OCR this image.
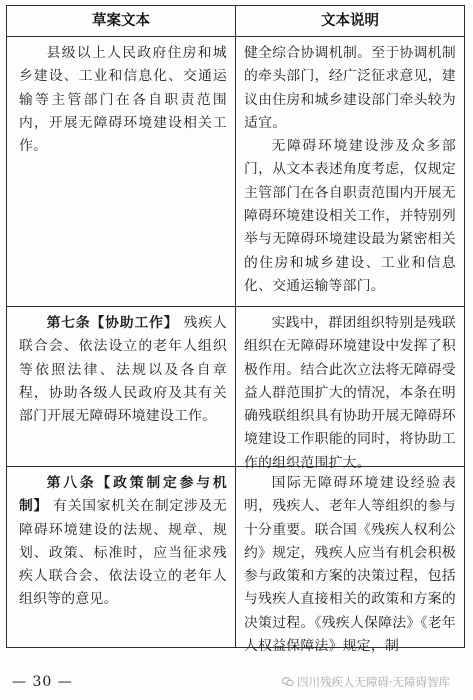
草案文本	文本说明
县级以上人民政府住房和城乡建设、工业和信息化、交通运输等主管部门在各自职责范围内，开展无障碍环境建设相关工作。

健全综合协调机制。至于协调机制的牵头部门，经广泛征求意见，建议由住房和城乡建设部门牵头较为适宜。

无障碍环境建设涉及众多部门，从文本表述角度考虑，仅规定主管部门在各自职责范围内开展无障碍环境建设相关工作，并特别列举与无障碍环境建设最为紧密相关的住房和城乡建设、工业和信息化、交通运输等部门。

第七条【协助工作】 残疾人联合会、依法设立的老年人组织等依照法律、法规以及各自章程，协助各级人民政府及其有关部门开展无障碍环境建设工作。
实践中，群团组织特别是残联组织在无障碍环境建设中发挥了积极作用。结合此次立法将无障碍受益人群范围扩大的情况，本条在明确残联组织具有协助开展无障碍环境建设工作职能的同时，将协助工作的组织范围扩大。
第八条【政策制定参与机制】 有关国家机关在制定涉及无障碍环境建设的法规、规章、规划、政策、标准时，应当征求残疾人联合会、依法设立的老年人组织等的意见。
国际无障碍环境建设经验表明，残疾人、老年人等组织的参与十分重要。联合国《残疾人权利公约》规定，残疾人应当有机会积极参与政策和方案的决策过程，包括与残疾人直接相关的政策和方案的决策过程。《残疾人保障法》《老年人权益保障法》规定，制
— 30 —	四川残疾人无障碍·无障碍智库
